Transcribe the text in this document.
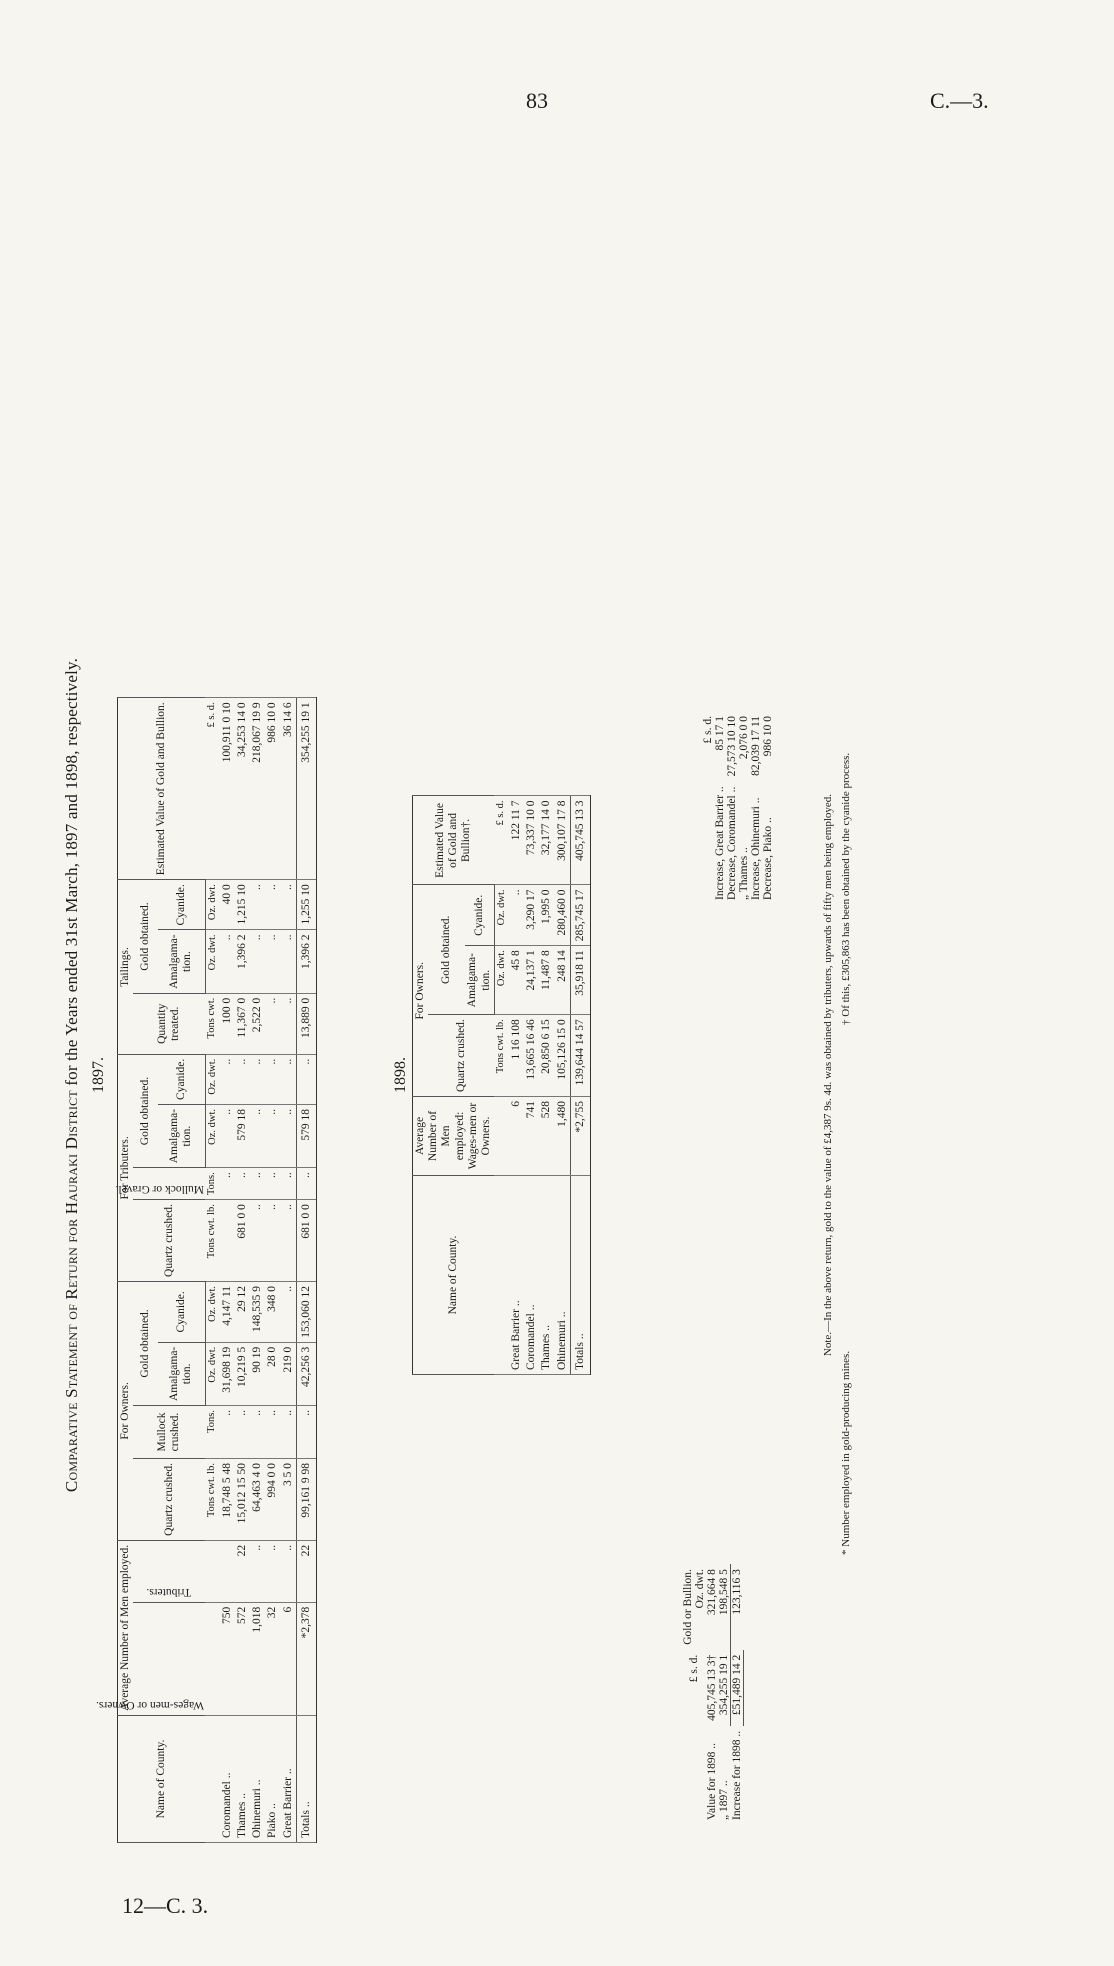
83	C.—3.
12—C. 3.
Comparative Statement of Return for Hauraki District for the Years ended 31st March, 1897 and 1898, respectively. 1897.
Name of County.	Average Number of Men employed.		For Owners.				For Tributers.				Tailings.			Estimated Value of Gold and Bullion.

	Wages-men or Owners.	Tributers.	Quartz crushed.	Mullock crushed.	Gold obtained.		Quartz crushed.	Mullock or Gravel.	Gold obtained.		Quantity treated.	Gold obtained.		
					Amalgama-tion.	Cyanide.			Amalgama-tion.	Cyanide.		Amalgama-tion.	Cyanide.	
			Tons cwt. lb.	Tons.	Oz. dwt.	Oz. dwt.	Tons cwt. lb.	Tons.	Oz. dwt.	Oz. dwt.	Tons cwt.	Oz. dwt.	Oz. dwt.	£ s. d.
Coromandel ..	750		18,748 5 48	..	31,698 19	4,147 11		..	..	..	100 0	..	40 0	100,911 0 10
Thames ..	572	22	15,012 15 50	..	10,219 5	29 12	681 0 0	..	579 18	..	11,367 0	1,396 2	1,215 10	34,253 14 0
Ohinemuri ..	1,018	..	64,463 4 0	..	90 19	148,535 9	..	..	..	..	2,522 0	..	..	218,067 19 9
Piako ..	32	..	994 0 0	..	28 0	348 0	..	..	..	..	..	..	..	986 10 0
Great Barrier ..	6	..	3 5 0	..	219 0	..	..	..	..	..	..	..	..	36 14 6
Totals ..	*2,378	22	99,161 9 98	..	42,256 3	153,060 12	681 0 0	..	579 18	..	13,889 0	1,396 2	1,255 10	354,255 19 1
1898.
Name of County.	Average Number of Men employed: Wages-men or Owners.	For Owners.			Estimated Value of Gold and Bullion†.
		Quartz crushed.	Gold obtained.		
			Amalgama-tion.	Cyanide.	
		Tons cwt. lb.	Oz. dwt.	Oz. dwt.	£ s. d.
Great Barrier ..	6	1 16 108	45 8	..	122 11 7
Coromandel ..	741	13,665 16 46	24,137 1	3,290 17	73,337 10 0
Thames ..	528	20,850 6 15	11,487 8	1,995 0	32,177 14 0
Ohinemuri ..	1,480	105,126 15 0	248 14	280,460 0	300,107 17 8
Totals ..	*2,755	139,644 14 57	35,918 11	285,745 17	405,745 13 3
	£ s. d.	Gold or Bullion.
Oz. dwt.
Value for 1898 ..	405,745 13 3†	321,664 8
„ 1897 ..	354,255 19 1	198,548 5
Increase for 1898 ..	£51,489 14 2	123,116 3
	£ s. d.
Increase, Great Barrier ..	85 17 1
Decrease, Coromandel ..	27,573 10 10
„ Thames ..	2,076 0 0
Increase, Ohinemuri ..	82,039 17 11
Decrease, Piako ..	986 10 0
Note.—In the above return, gold to the value of £4,387 9s. 4d. was obtained by tributers, upwards of fifty men being employed.
* Number employed in gold-producing mines.
† Of this, £305,863 has been obtained by the cyanide process.
